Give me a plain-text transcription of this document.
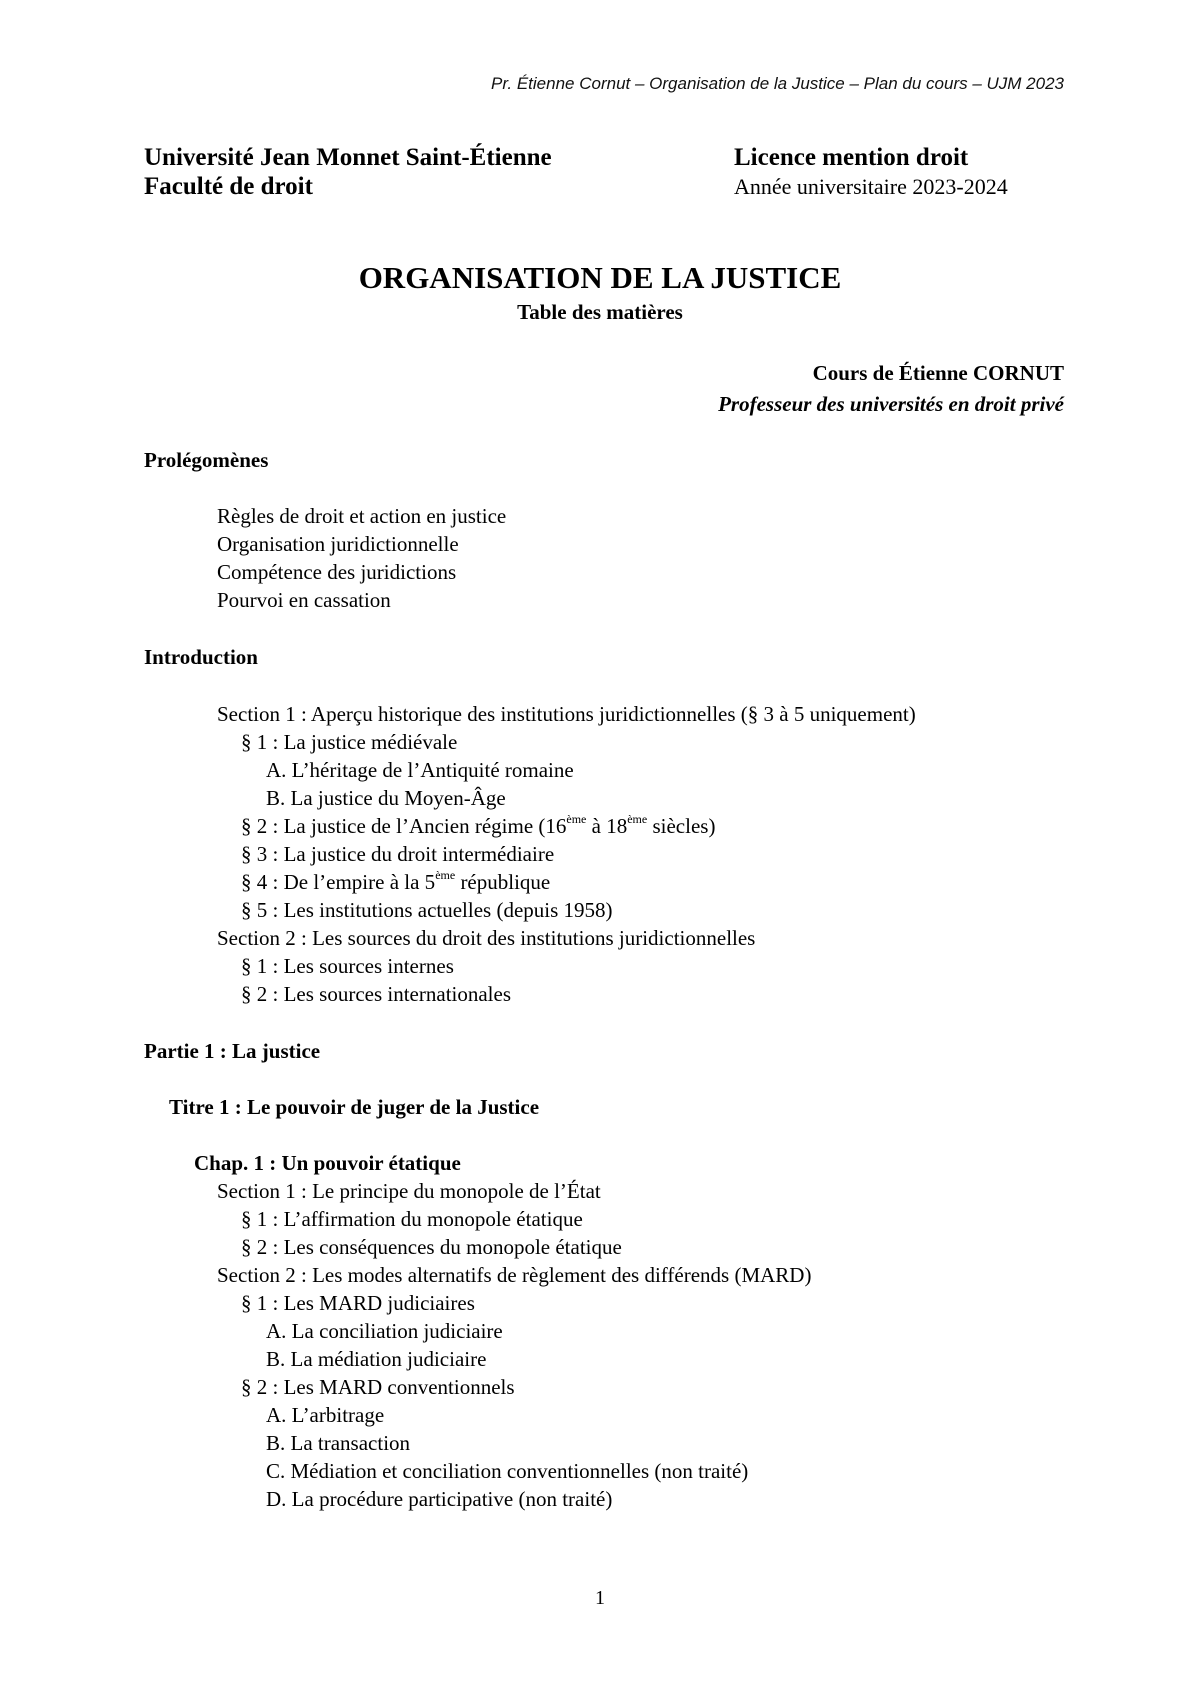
Pr. Étienne Cornut – Organisation de la Justice – Plan du cours – UJM 2023
Université Jean Monnet Saint-Étienne
Faculté de droit
Licence mention droit
Année universitaire 2023-2024
ORGANISATION DE LA JUSTICE
Table des matières
Cours de Étienne CORNUT
Professeur des universités en droit privé
Prolégomènes
Règles de droit et action en justice
Organisation juridictionnelle
Compétence des juridictions
Pourvoi en cassation
Introduction
Section 1 : Aperçu historique des institutions juridictionnelles (§ 3 à 5 uniquement)
§ 1 : La justice médiévale
A. L’héritage de l’Antiquité romaine
B. La justice du Moyen-Âge
§ 2 : La justice de l’Ancien régime (16ème à 18ème siècles)
§ 3 : La justice du droit intermédiaire
§ 4 : De l’empire à la 5ème république
§ 5 : Les institutions actuelles (depuis 1958)
Section 2 : Les sources du droit des institutions juridictionnelles
§ 1 : Les sources internes
§ 2 : Les sources internationales
Partie 1 : La justice
Titre 1 : Le pouvoir de juger de la Justice
Chap. 1 : Un pouvoir étatique
Section 1 : Le principe du monopole de l’État
§ 1 : L’affirmation du monopole étatique
§ 2 : Les conséquences du monopole étatique
Section 2 : Les modes alternatifs de règlement des différends (MARD)
§ 1 : Les MARD judiciaires
A. La conciliation judiciaire
B. La médiation judiciaire
§ 2 : Les MARD conventionnels
A. L’arbitrage
B. La transaction
C. Médiation et conciliation conventionnelles (non traité)
D. La procédure participative (non traité)
1
